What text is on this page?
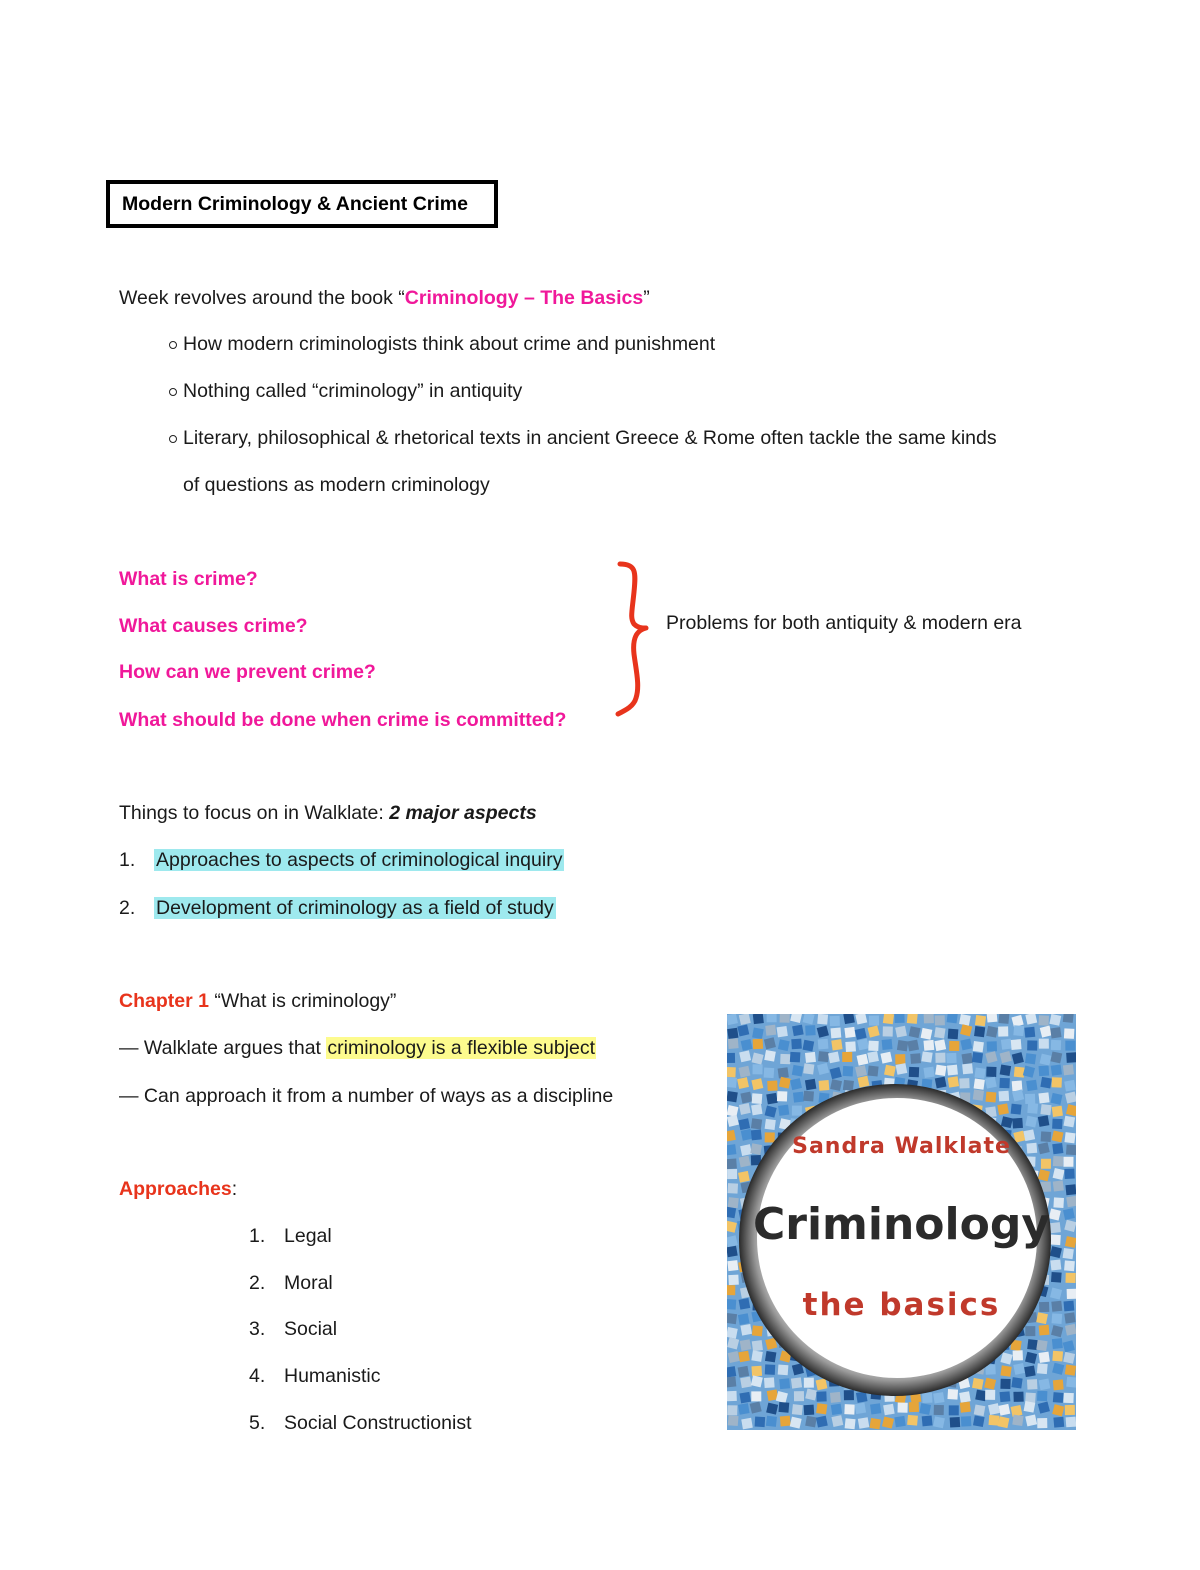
Modern Criminology & Ancient Crime
Week revolves around the book “Criminology – The Basics”
How modern criminologists think about crime and punishment
Nothing called “criminology” in antiquity
Literary, philosophical & rhetorical texts in ancient Greece & Rome often tackle the same kinds
of questions as modern criminology
What is crime?
What causes crime?
How can we prevent crime?
What should be done when crime is committed?
Problems for both antiquity & modern era
Things to focus on in Walklate: 2 major aspects
1. Approaches to aspects of criminological inquiry
2. Development of criminology as a field of study
Chapter 1 “What is criminology”
— Walklate argues that criminology is a flexible subject
— Can approach it from a number of ways as a discipline
Approaches:
1. Legal
2. Moral
3. Social
4. Humanistic
5. Social Constructionist
Sandra Walklate
Criminology
the basics
